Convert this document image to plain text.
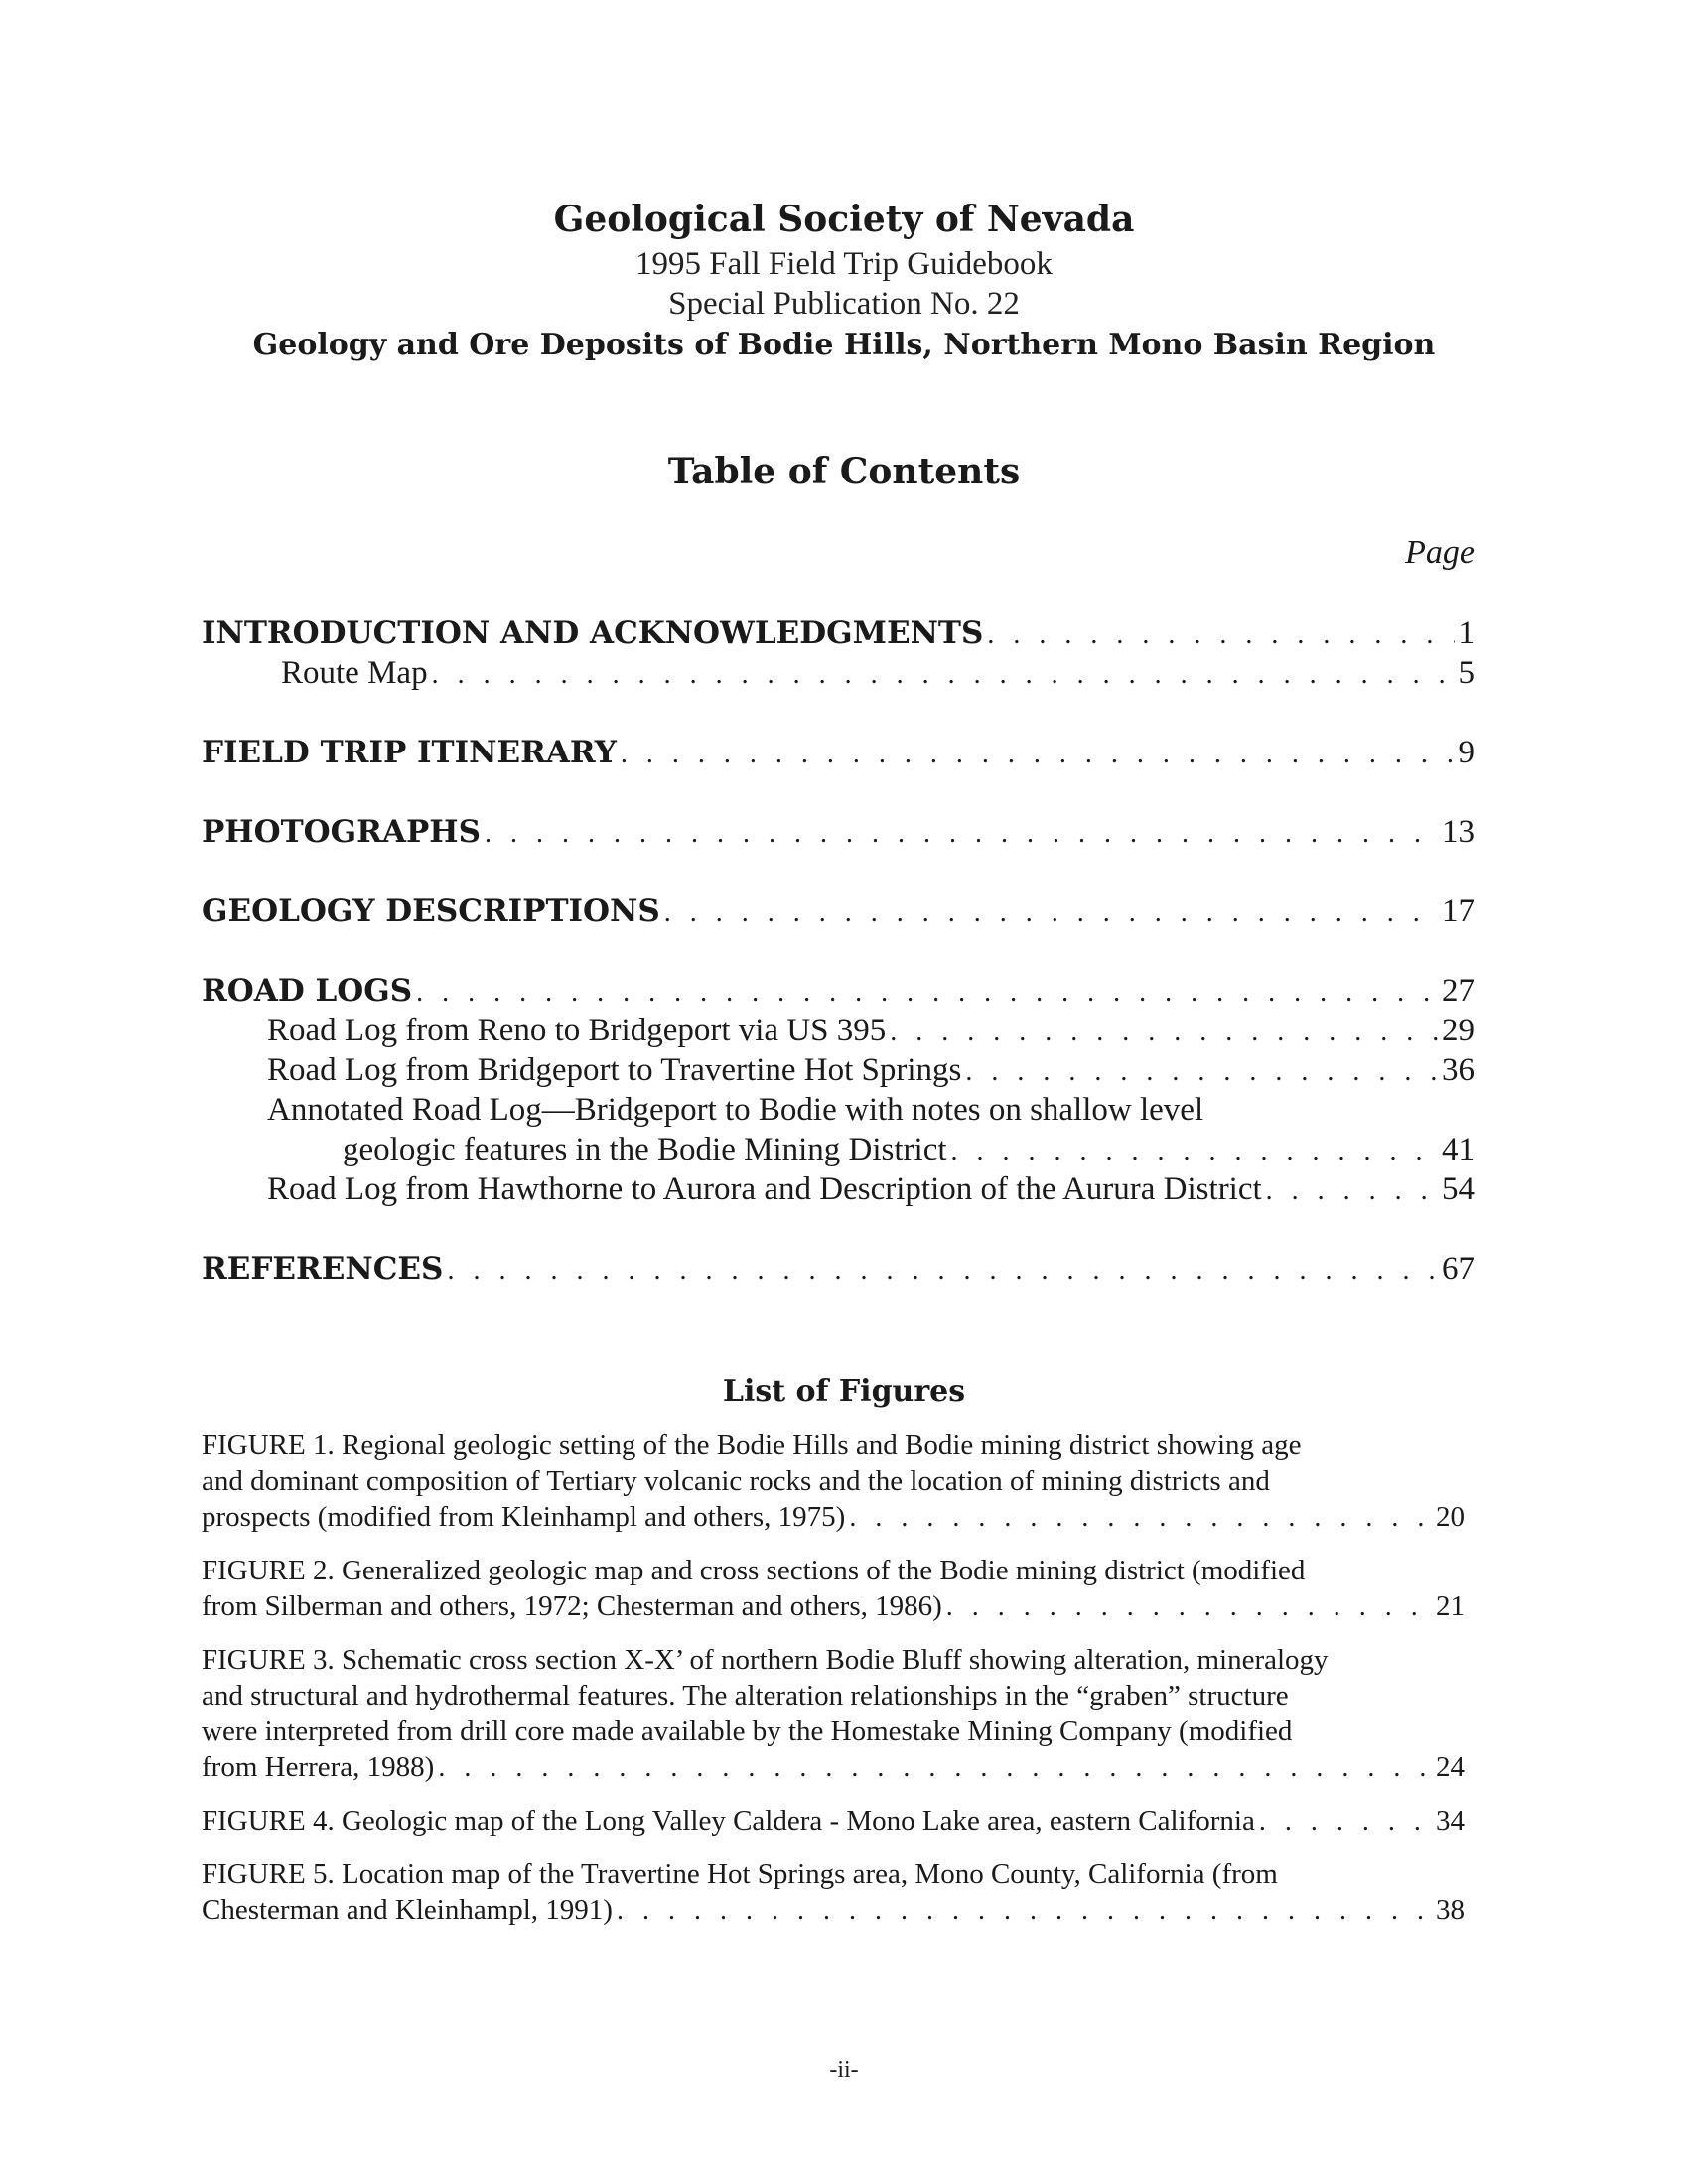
Geological Society of Nevada
1995 Fall Field Trip Guidebook
Special Publication No. 22
Geology and Ore Deposits of Bodie Hills, Northern Mono Basin Region
Table of Contents
Page
INTRODUCTION AND ACKNOWLEDGMENTS . . .	1
Route Map . . .	5
FIELD TRIP ITINERARY . . .	9
PHOTOGRAPHS . . .	13
GEOLOGY DESCRIPTIONS . . .	17
ROAD LOGS . . .	27
Road Log from Reno to Bridgeport via US 395 . . .	29
Road Log from Bridgeport to Travertine Hot Springs . . .	36
Annotated Road Log—Bridgeport to Bodie with notes on shallow level
geologic features in the Bodie Mining District . . .	41
Road Log from Hawthorne to Aurora and Description of the Aurura District . . .	54
REFERENCES . . .	67
List of Figures
FIGURE 1. Regional geologic setting of the Bodie Hills and Bodie mining district showing age
and dominant composition of Tertiary volcanic rocks and the location of mining districts and
prospects (modified from Kleinhampl and others, 1975) . . .	20
FIGURE 2. Generalized geologic map and cross sections of the Bodie mining district (modified
from Silberman and others, 1972; Chesterman and others, 1986) . . .	21
FIGURE 3. Schematic cross section X-X’ of northern Bodie Bluff showing alteration, mineralogy
and structural and hydrothermal features. The alteration relationships in the “graben” structure
were interpreted from drill core made available by the Homestake Mining Company (modified
from Herrera, 1988) . . .	24
FIGURE 4. Geologic map of the Long Valley Caldera - Mono Lake area, eastern California . . .	34
FIGURE 5. Location map of the Travertine Hot Springs area, Mono County, California (from
Chesterman and Kleinhampl, 1991) . . .	38
-ii-
